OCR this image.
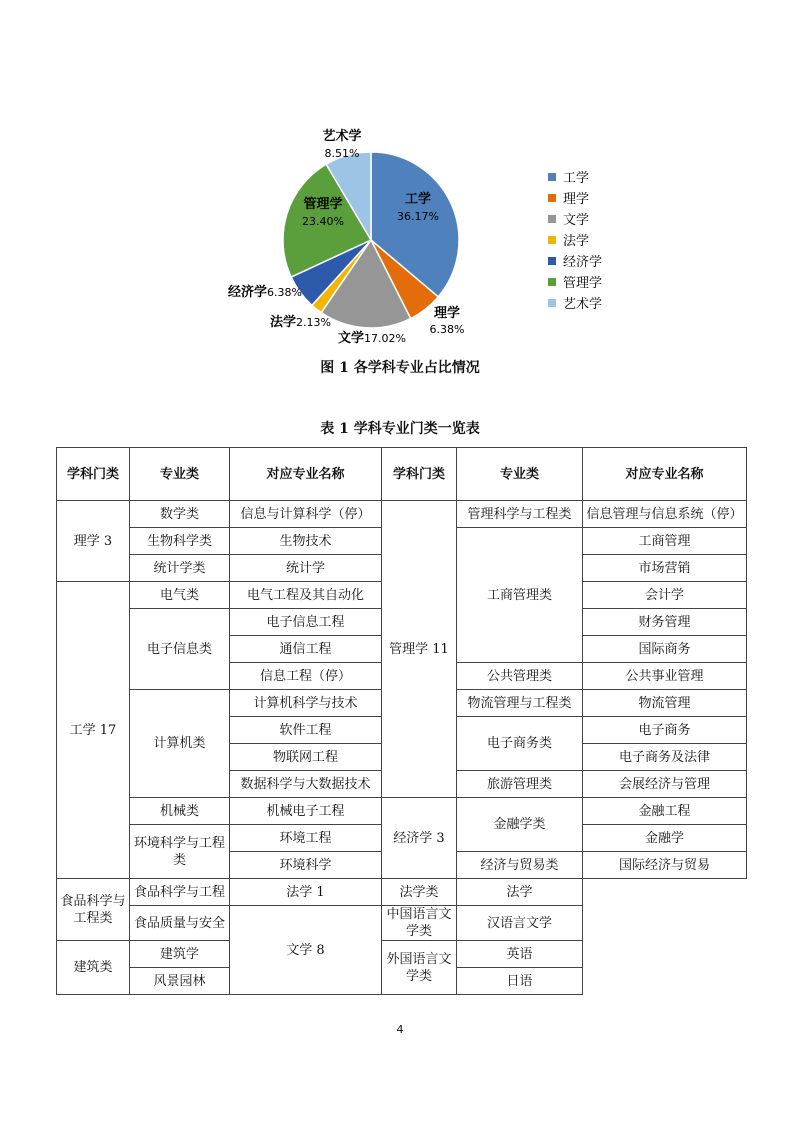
工学
36.17%
理学
6.38%
文学17.02%
法学2.13%
经济学6.38%
管理学
23.40%
艺术学
8.51%
工学
理学
文学
法学
经济学
管理学
艺术学
图 1 各学科专业占比情况
表 1 学科专业门类一览表
学科门类	专业类	对应专业名称	学科门类	专业类	对应专业名称
理学 3	数学类	信息与计算科学（停）	管理学 11	管理科学与工程类	信息管理与信息系统（停）
	生物科学类	生物技术		工商管理类	工商管理
	统计学类	统计学			市场营销
工学 17	电气类	电气工程及其自动化			会计学
	电子信息类	电子信息工程			财务管理
		通信工程			国际商务
		信息工程（停）		公共管理类	公共事业管理
	计算机类	计算机科学与技术		物流管理与工程类	物流管理
		软件工程		电子商务类	电子商务
		物联网工程			电子商务及法律
		数据科学与大数据技术		旅游管理类	会展经济与管理
	机械类	机械电子工程	经济学 3	金融学类	金融工程
	环境科学与工程类	环境工程			金融学
		环境科学		经济与贸易类	国际经济与贸易
食品科学与工程类	食品科学与工程	法学 1	法学类	法学	
	食品质量与安全	文学 8	中国语言文学类	汉语言文学	
建筑类	建筑学		外国语言文学类	英语	
	风景园林			日语	
4
